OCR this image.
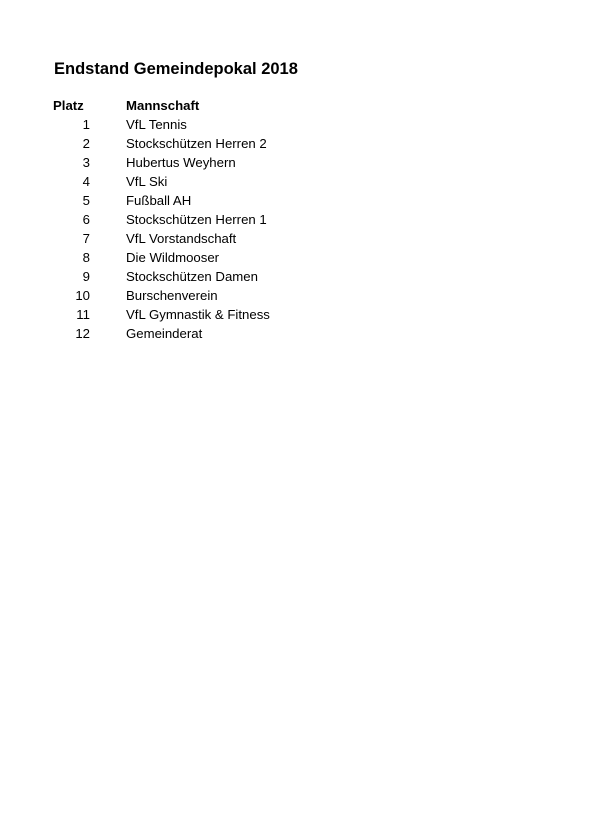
Endstand Gemeindepokal 2018
Platz		Mannschaft
1		VfL Tennis
2		Stockschützen Herren 2
3		Hubertus Weyhern
4		VfL Ski
5		Fußball AH
6		Stockschützen Herren 1
7		VfL Vorstandschaft
8		Die Wildmooser
9		Stockschützen Damen
10		Burschenverein
11		VfL Gymnastik & Fitness
12		Gemeinderat
